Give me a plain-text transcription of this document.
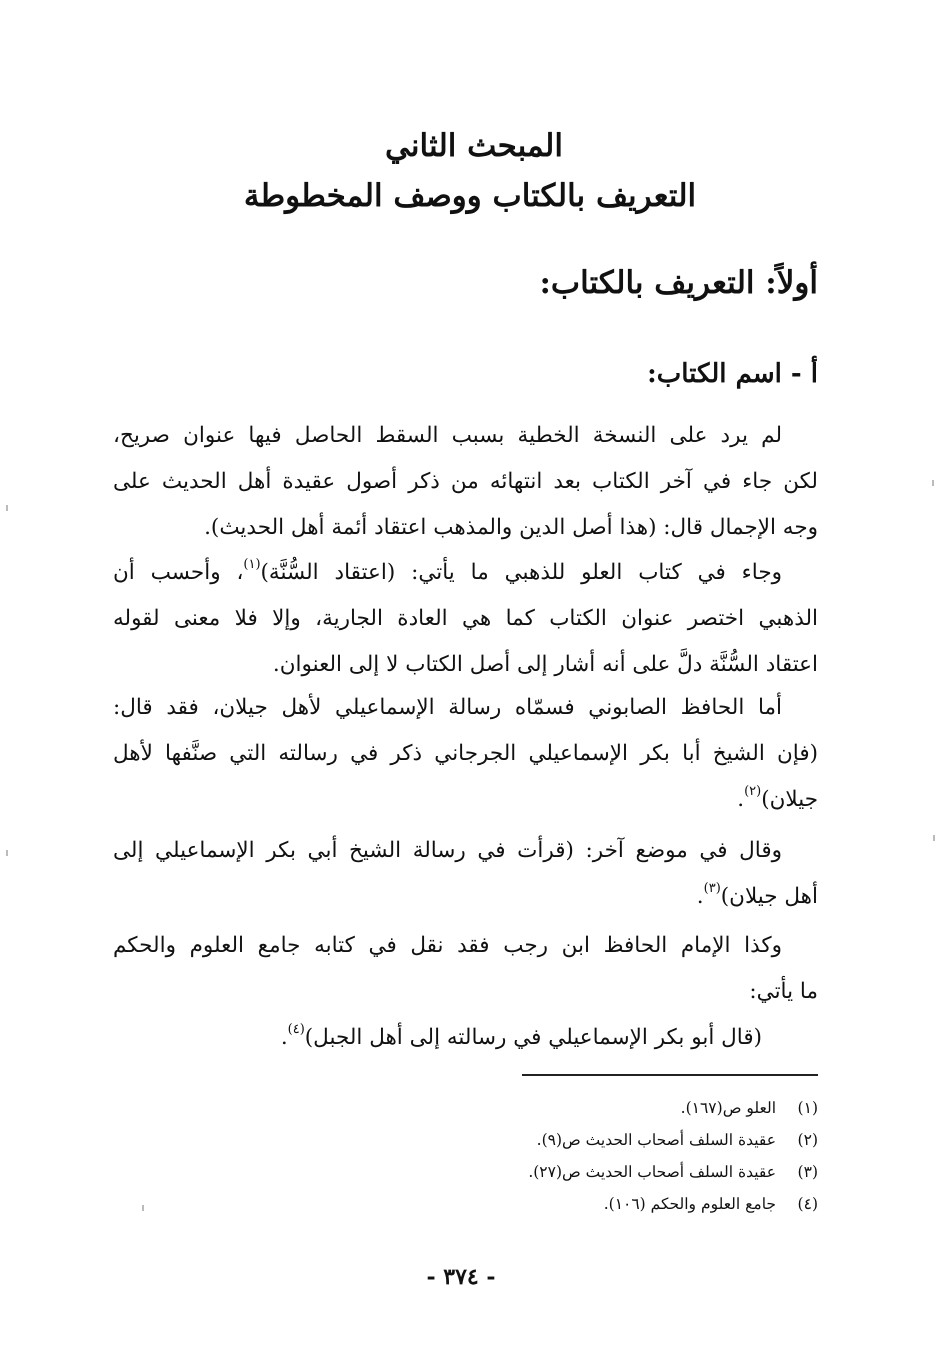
المبحث الثاني
التعريف بالكتاب ووصف المخطوطة
أولاً: التعريف بالكتاب:
أ - اسم الكتاب:
لم يرد على النسخة الخطية بسبب السقط الحاصل فيها عنوان صريح،
لكن جاء في آخر الكتاب بعد انتهائه من ذكر أصول عقيدة أهل الحديث على
وجه الإجمال قال: (هذا أصل الدين والمذهب اعتقاد أئمة أهل الحديث).
وجاء في كتاب العلو للذهبي ما يأتي: (اعتقاد السُّنَّة)$^{(١)}$، وأحسب أن
الذهبي اختصر عنوان الكتاب كما هي العادة الجارية، وإلا فلا معنى لقوله
اعتقاد السُّنَّة دلَّ على أنه أشار إلى أصل الكتاب لا إلى العنوان.
أما الحافظ الصابوني فسمّاه رسالة الإسماعيلي لأهل جيلان، فقد قال:
(فإن الشيخ أبا بكر الإسماعيلي الجرجاني ذكر في رسالته التي صنَّفها لأهل
جيلان)$^{(٢)}$.
وقال في موضع آخر: (قرأت في رسالة الشيخ أبي بكر الإسماعيلي إلى
أهل جيلان)$^{(٣)}$.
وكذا الإمام الحافظ ابن رجب فقد نقل في كتابه جامع العلوم والحكم
ما يأتي:
(قال أبو بكر الإسماعيلي في رسالته إلى أهل الجبل)$^{(٤)}$.
(١)العلو ص(١٦٧).
(٢)عقيدة السلف أصحاب الحديث ص(٩).
(٣)عقيدة السلف أصحاب الحديث ص(٢٧).
(٤)جامع العلوم والحكم (١٠٦).
- ٣٧٤ -
